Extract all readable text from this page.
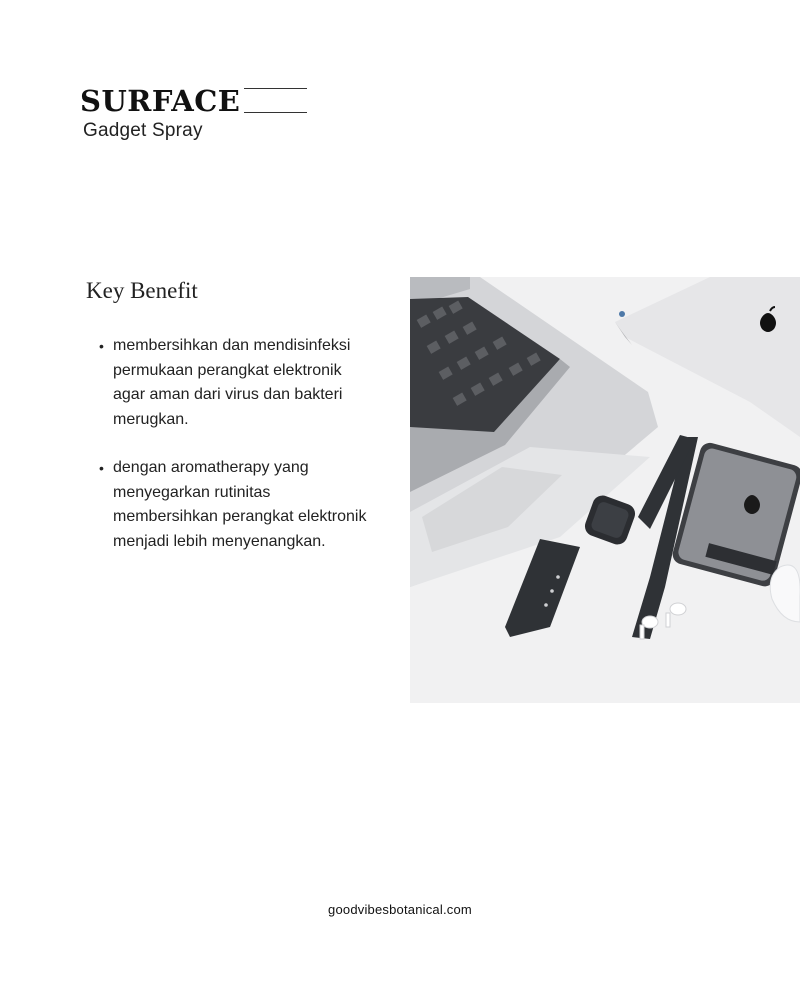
SURFACE
Gadget Spray
Key Benefit
• membersihkan dan mendisinfeksi permukaan perangkat elektronik agar aman dari virus dan bakteri merugkan.
• dengan aromatherapy yang menyegarkan rutinitas membersihkan perangkat elektronik menjadi lebih menyenangkan.
goodvibesbotanical.com
